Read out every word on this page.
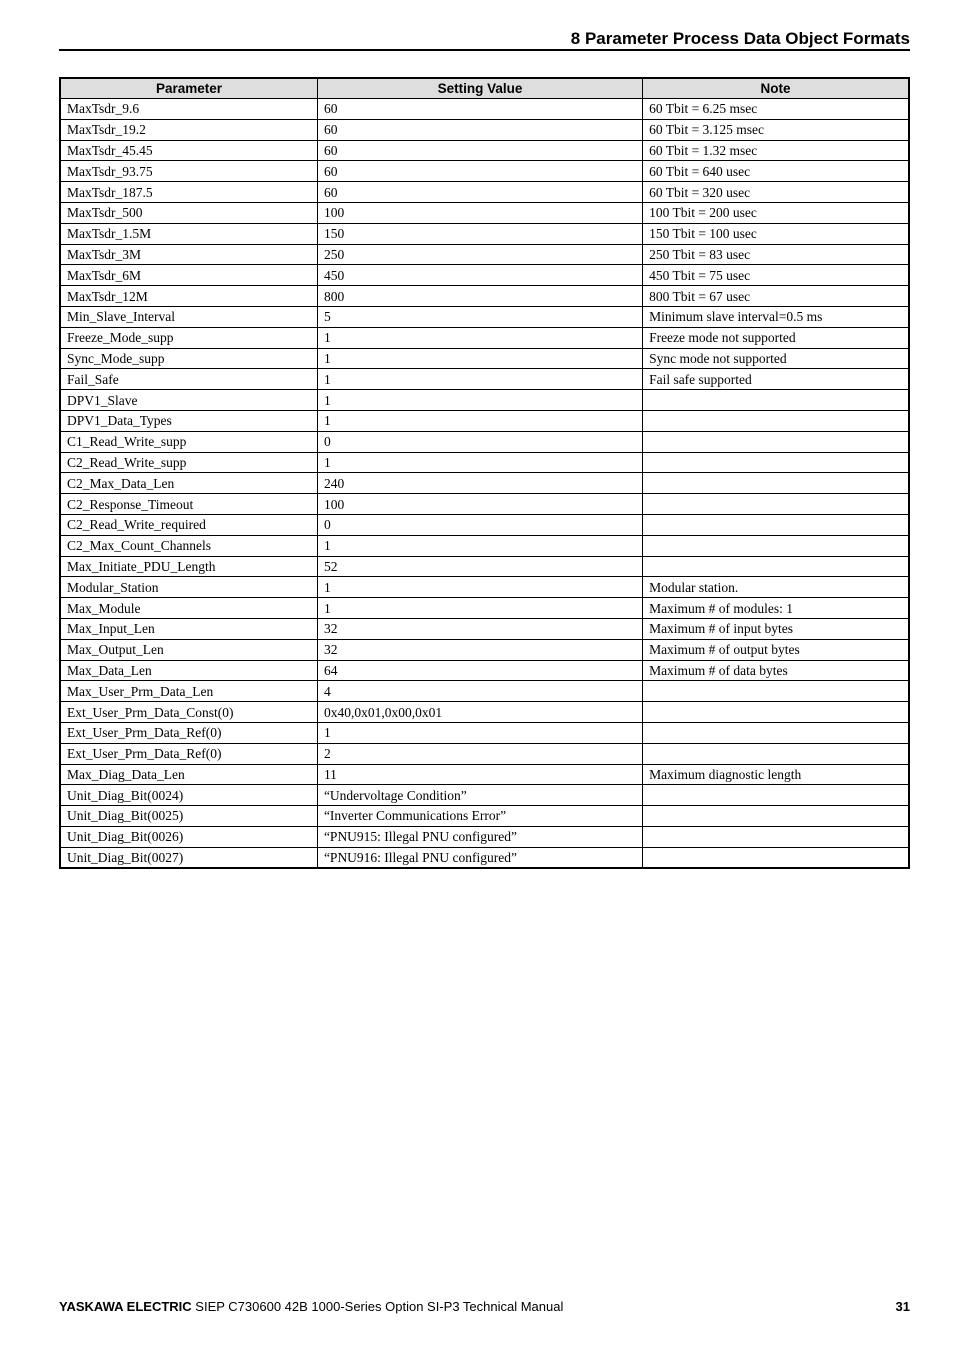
8 Parameter Process Data Object Formats
Parameter	Setting Value	Note
MaxTsdr_9.6	60	60 Tbit = 6.25 msec
MaxTsdr_19.2	60	60 Tbit = 3.125 msec
MaxTsdr_45.45	60	60 Tbit = 1.32 msec
MaxTsdr_93.75	60	60 Tbit = 640 usec
MaxTsdr_187.5	60	60 Tbit = 320 usec
MaxTsdr_500	100	100 Tbit = 200 usec
MaxTsdr_1.5M	150	150 Tbit = 100 usec
MaxTsdr_3M	250	250 Tbit = 83 usec
MaxTsdr_6M	450	450 Tbit = 75 usec
MaxTsdr_12M	800	800 Tbit = 67 usec
Min_Slave_Interval	5	Minimum slave interval=0.5 ms
Freeze_Mode_supp	1	Freeze mode not supported
Sync_Mode_supp	1	Sync mode not supported
Fail_Safe	1	Fail safe supported
DPV1_Slave	1	
DPV1_Data_Types	1	
C1_Read_Write_supp	0	
C2_Read_Write_supp	1	
C2_Max_Data_Len	240	
C2_Response_Timeout	100	
C2_Read_Write_required	0	
C2_Max_Count_Channels	1	
Max_Initiate_PDU_Length	52	
Modular_Station	1	Modular station.
Max_Module	1	Maximum # of modules: 1
Max_Input_Len	32	Maximum # of input bytes
Max_Output_Len	32	Maximum # of output bytes
Max_Data_Len	64	Maximum # of data bytes
Max_User_Prm_Data_Len	4	
Ext_User_Prm_Data_Const(0)	0x40,0x01,0x00,0x01	
Ext_User_Prm_Data_Ref(0)	1	
Ext_User_Prm_Data_Ref(0)	2	
Max_Diag_Data_Len	11	Maximum diagnostic length
Unit_Diag_Bit(0024)	“Undervoltage Condition”	
Unit_Diag_Bit(0025)	“Inverter Communications Error”	
Unit_Diag_Bit(0026)	“PNU915: Illegal PNU configured”	
Unit_Diag_Bit(0027)	“PNU916: Illegal PNU configured”	
YASKAWA ELECTRIC SIEP C730600 42B 1000-Series Option SI-P3 Technical Manual	31
